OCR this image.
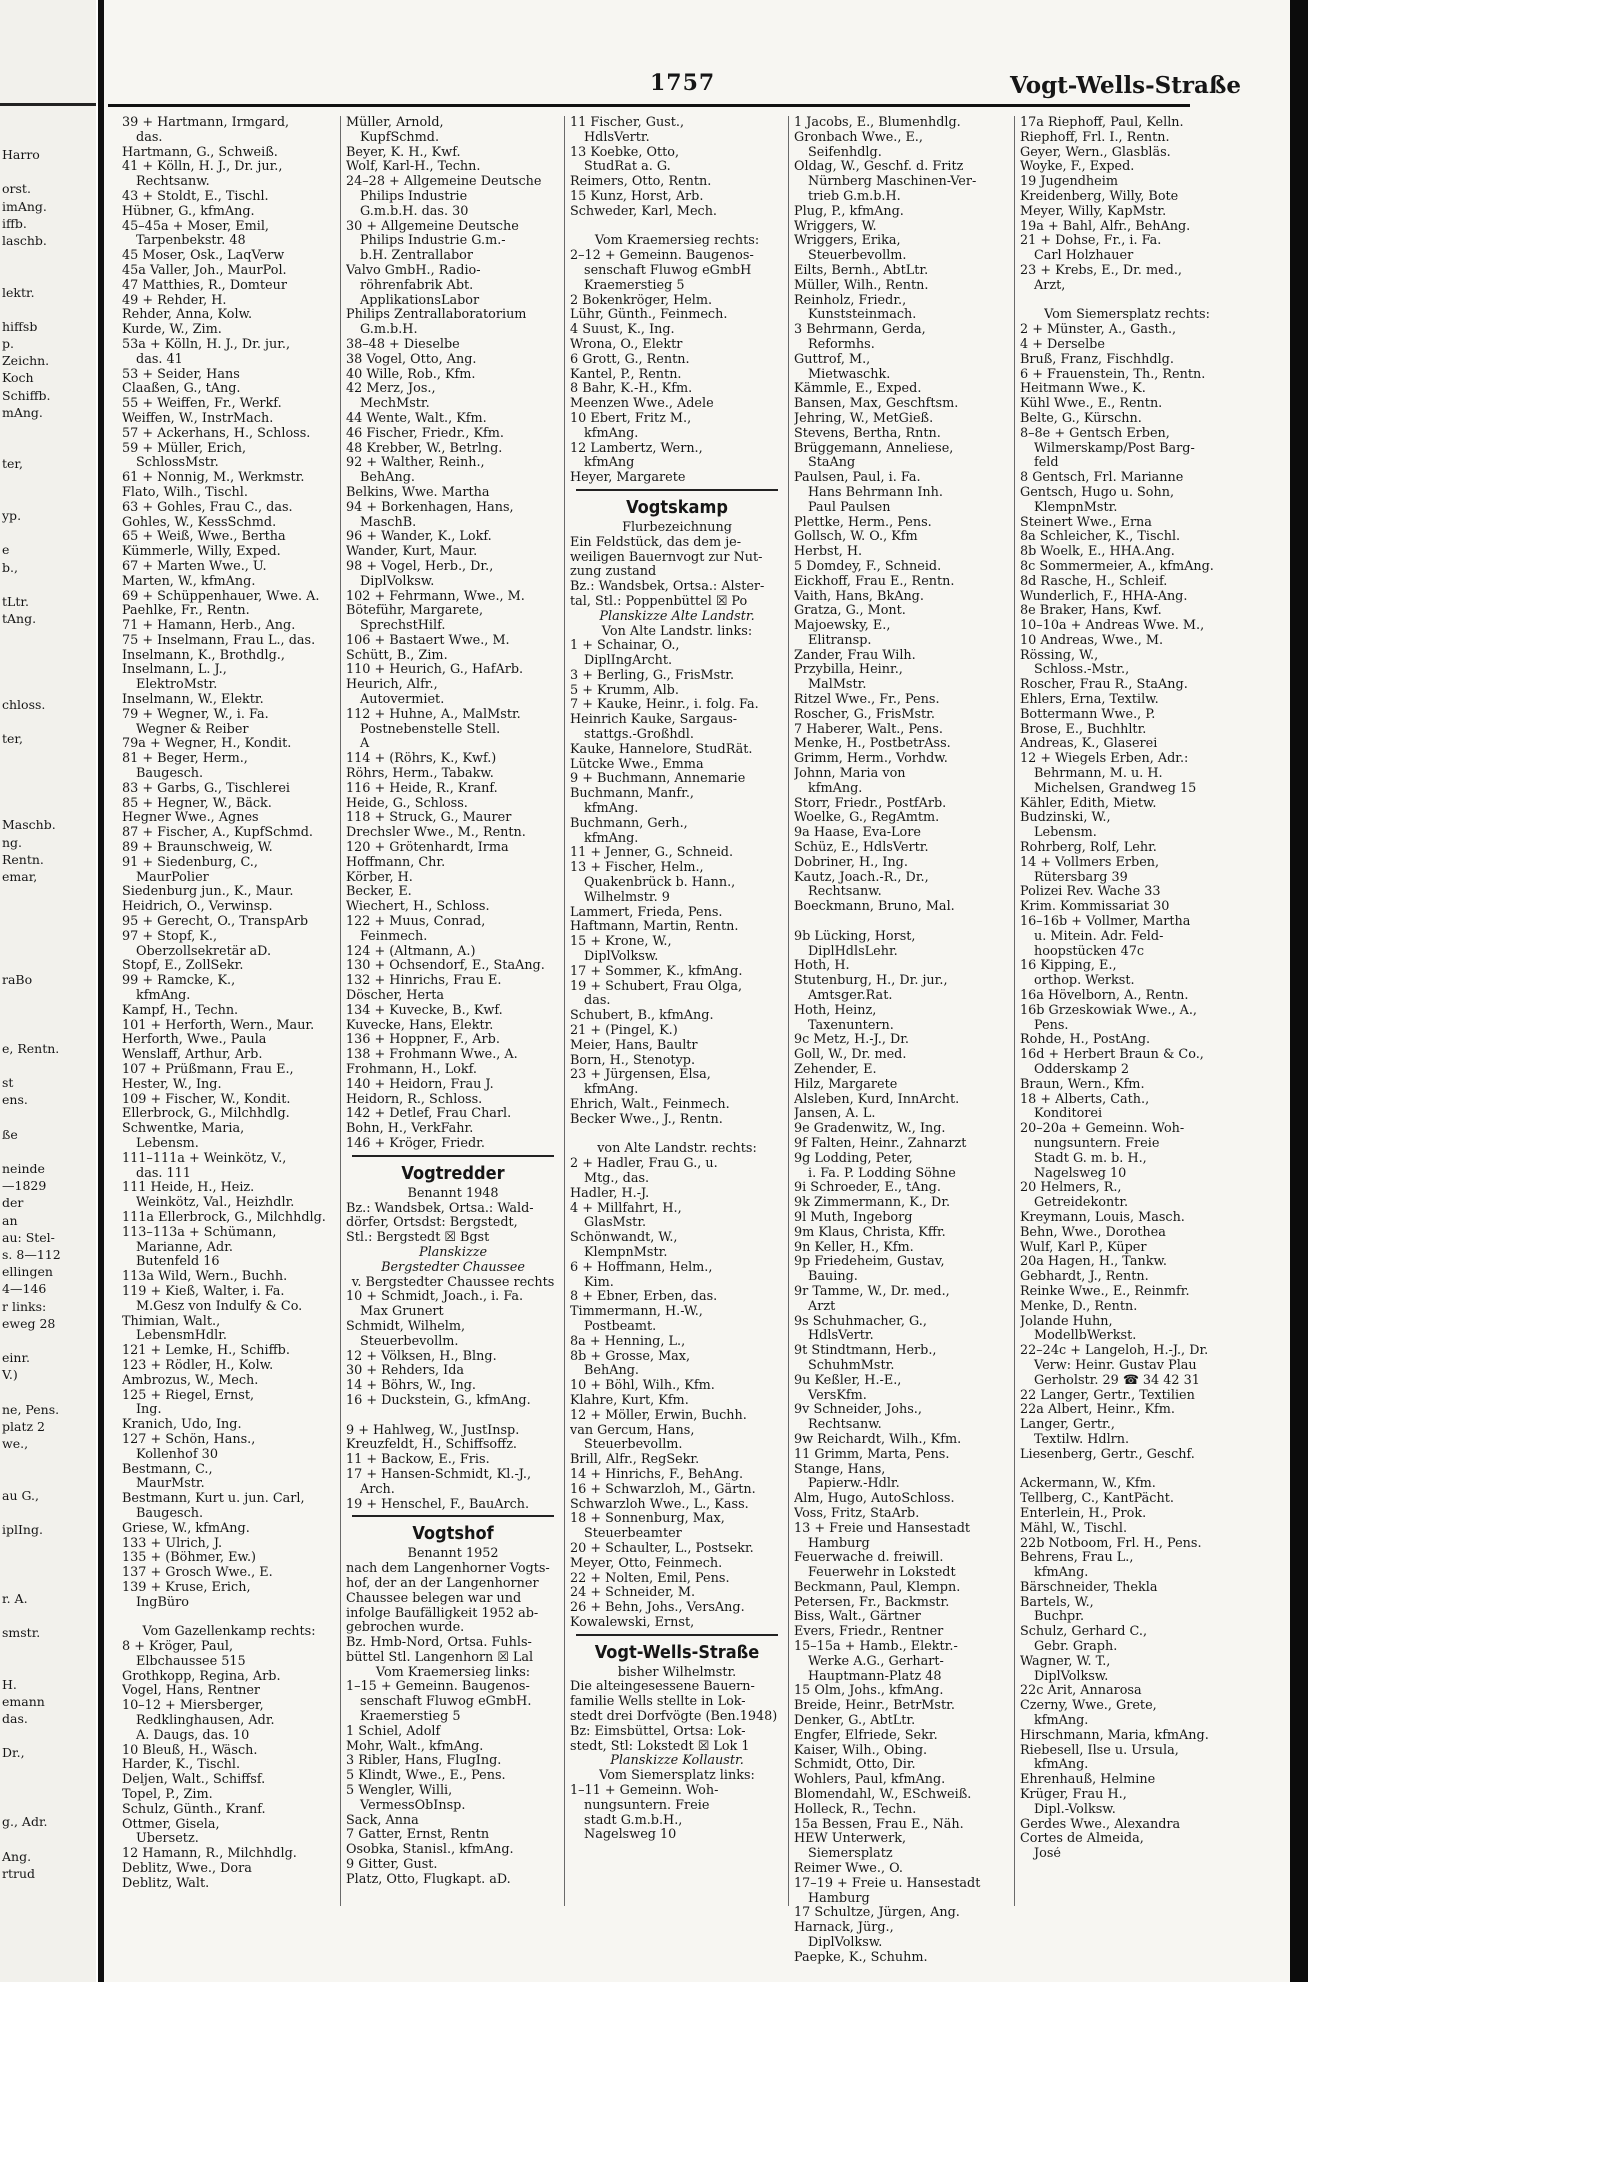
Harro
orst.
imAng.
iffb.
laschb.
lektr.
hiffsb
p.
Zeichn.
Koch
Schiffb.
mAng.
ter,
yp.
e
b.,
tLtr.
tAng.
chloss.
ter,
Maschb.
ng.
Rentn.
emar,
raBo
e, Rentn.
st
ens.
ße
neinde
—1829
der
an
au: Stel-
s. 8—112
ellingen
4—146
r links:
eweg 28
einr.
V.)
ne, Pens.
platz 2
we.,
au G.,
iplIng.
r. A.
smstr.
H.
emann
das.
Dr.,
g., Adr.
Ang.
rtrud
1757	Vogt-Wells-Straße
39 + Hartmann, Irmgard,
das.
Hartmann, G., Schweiß.
41 + Kölln, H. J., Dr. jur.,
Rechtsanw.
43 + Stoldt, E., Tischl.
Hübner, G., kfmAng.
45–45a + Moser, Emil,
Tarpenbekstr. 48
45 Moser, Osk., LaqVerw
45a Valler, Joh., MaurPol.
47 Matthies, R., Domteur
49 + Rehder, H.
Rehder, Anna, Kolw.
Kurde, W., Zim.
53a + Kölln, H. J., Dr. jur.,
das. 41
53 + Seider, Hans
Claaßen, G., tAng.
55 + Weiffen, Fr., Werkf.
Weiffen, W., InstrMach.
57 + Ackerhans, H., Schloss.
59 + Müller, Erich,
SchlossMstr.
61 + Nonnig, M., Werkmstr.
Flato, Wilh., Tischl.
63 + Gohles, Frau C., das.
Gohles, W., KessSchmd.
65 + Weiß, Wwe., Bertha
Kümmerle, Willy, Exped.
67 + Marten Wwe., U.
Marten, W., kfmAng.
69 + Schüppenhauer, Wwe. A.
Paehlke, Fr., Rentn.
71 + Hamann, Herb., Ang.
75 + Inselmann, Frau L., das.
Inselmann, K., Brothdlg.,
Inselmann, L. J.,
ElektroMstr.
Inselmann, W., Elektr.
79 + Wegner, W., i. Fa.
Wegner & Reiber
79a + Wegner, H., Kondit.
81 + Beger, Herm.,
Baugesch.
83 + Garbs, G., Tischlerei
85 + Hegner, W., Bäck.
Hegner Wwe., Agnes
87 + Fischer, A., KupfSchmd.
89 + Braunschweig, W.
91 + Siedenburg, C.,
MaurPolier
Siedenburg jun., K., Maur.
Heidrich, O., Verwinsp.
95 + Gerecht, O., TranspArb
97 + Stopf, K.,
Oberzollsekretär aD.
Stopf, E., ZollSekr.
99 + Ramcke, K.,
kfmAng.
Kampf, H., Techn.
101 + Herforth, Wern., Maur.
Herforth, Wwe., Paula
Wenslaff, Arthur, Arb.
107 + Prüßmann, Frau E.,
Hester, W., Ing.
109 + Fischer, W., Kondit.
Ellerbrock, G., Milchhdlg.
Schwentke, Maria,
Lebensm.
111–111a + Weinkötz, V.,
das. 111
111 Heide, H., Heiz.
Weinkötz, Val., Heizhdlr.
111a Ellerbrock, G., Milchhdlg.
113–113a + Schümann,
Marianne, Adr.
Butenfeld 16
113a Wild, Wern., Buchh.
119 + Kieß, Walter, i. Fa.
M.Gesz von Indulfy & Co.
Thimian, Walt.,
LebensmHdlr.
121 + Lemke, H., Schiffb.
123 + Rödler, H., Kolw.
Ambrozus, W., Mech.
125 + Riegel, Ernst,
Ing.
Kranich, Udo, Ing.
127 + Schön, Hans.,
Kollenhof 30
Bestmann, C.,
MaurMstr.
Bestmann, Kurt u. jun. Carl,
Baugesch.
Griese, W., kfmAng.
133 + Ulrich, J.
135 + (Böhmer, Ew.)
137 + Grosch Wwe., E.
139 + Kruse, Erich,
IngBüro

Vom Gazellenkamp rechts:
8 + Kröger, Paul,
Elbchaussee 515
Grothkopp, Regina, Arb.
Vogel, Hans, Rentner
10–12 + Miersberger,
Redklinghausen, Adr.
A. Daugs, das. 10
10 Bleuß, H., Wäsch.
Harder, K., Tischl.
Deljen, Walt., Schiffsf.
Topel, P., Zim.
Schulz, Günth., Kranf.
Ottmer, Gisela,
Übersetz.
12 Hamann, R., Milchhdlg.
Deblitz, Wwe., Dora
Deblitz, Walt.
Müller, Arnold,
KupfSchmd.
Beyer, K. H., Kwf.
Wolf, Karl-H., Techn.
24–28 + Allgemeine Deutsche
Philips Industrie
G.m.b.H. das. 30
30 + Allgemeine Deutsche
Philips Industrie G.m.-
b.H. Zentrallabor
Valvo GmbH., Radio-
röhrenfabrik Abt.
ApplikationsLabor
Philips Zentrallaboratorium
G.m.b.H.
38–48 + Dieselbe
38 Vogel, Otto, Ang.
40 Wille, Rob., Kfm.
42 Merz, Jos.,
MechMstr.
44 Wente, Walt., Kfm.
46 Fischer, Friedr., Kfm.
48 Krebber, W., Betrlng.
92 + Walther, Reinh.,
BehAng.
Belkins, Wwe. Martha
94 + Borkenhagen, Hans,
MaschB.
96 + Wander, K., Lokf.
Wander, Kurt, Maur.
98 + Vogel, Herb., Dr.,
DiplVolksw.
102 + Fehrmann, Wwe., M.
Böteführ, Margarete,
SprechstHilf.
106 + Bastaert Wwe., M.
Schütt, B., Zim.
110 + Heurich, G., HafArb.
Heurich, Alfr.,
Autovermiet.
112 + Huhne, A., MalMstr.
Postnebenstelle Stell.
A
114 + (Röhrs, K., Kwf.)
Röhrs, Herm., Tabakw.
116 + Heide, R., Kranf.
Heide, G., Schloss.
118 + Struck, G., Maurer
Drechsler Wwe., M., Rentn.
120 + Grötenhardt, Irma
Hoffmann, Chr.
Körber, H.
Becker, E.
Wiechert, H., Schloss.
122 + Muus, Conrad,
Feinmech.
124 + (Altmann, A.)
130 + Ochsendorf, E., StaAng.
132 + Hinrichs, Frau E.
Döscher, Herta
134 + Kuvecke, B., Kwf.
Kuvecke, Hans, Elektr.
136 + Hoppner, F., Arb.
138 + Frohmann Wwe., A.
Frohmann, H., Lokf.
140 + Heidorn, Frau J.
Heidorn, R., Schloss.
142 + Detlef, Frau Charl.
Bohn, H., VerkFahr.
146 + Kröger, Friedr.
Vogtredder
Benannt 1948
Bz.: Wandsbek, Ortsa.: Wald-
dörfer, Ortsdst: Bergstedt,
Stl.: Bergstedt ☒ Bgst
Planskizze
Bergstedter Chaussee
v. Bergstedter Chaussee rechts
10 + Schmidt, Joach., i. Fa.
Max Grunert
Schmidt, Wilhelm,
Steuerbevollm.
12 + Völksen, H., Blng.
30 + Rehders, Ida
14 + Böhrs, W., Ing.
16 + Duckstein, G., kfmAng.

9 + Hahlweg, W., JustInsp.
Kreuzfeldt, H., Schiffsoffz.
11 + Backow, E., Fris.
17 + Hansen-Schmidt, Kl.-J.,
Arch.
19 + Henschel, F., BauArch.
Vogtshof
Benannt 1952
nach dem Langenhorner Vogts-
hof, der an der Langenhorner
Chaussee belegen war und
infolge Baufälligkeit 1952 ab-
gebrochen wurde.
Bz. Hmb-Nord, Ortsa. Fuhls-
büttel Stl. Langenhorn ☒ Lal
Vom Kraemersieg links:
1–15 + Gemeinn. Baugenos-
senschaft Fluwog eGmbH.
Kraemerstieg 5
1 Schiel, Adolf
Mohr, Walt., kfmAng.
3 Ribler, Hans, FlugIng.
5 Klindt, Wwe., E., Pens.
5 Wengler, Willi,
VermessObInsp.
Sack, Anna
7 Gatter, Ernst, Rentn
Osobka, Stanisl., kfmAng.
9 Gitter, Gust.
Platz, Otto, Flugkapt. aD.
11 Fischer, Gust.,
HdlsVertr.
13 Koebke, Otto,
StudRat a. G.
Reimers, Otto, Rentn.
15 Kunz, Horst, Arb.
Schweder, Karl, Mech.

Vom Kraemersieg rechts:
2–12 + Gemeinn. Baugenos-
senschaft Fluwog eGmbH
Kraemerstieg 5
2 Bokenkröger, Helm.
Lühr, Günth., Feinmech.
4 Suust, K., Ing.
Wrona, O., Elektr
6 Grott, G., Rentn.
Kantel, P., Rentn.
8 Bahr, K.-H., Kfm.
Meenzen Wwe., Adele
10 Ebert, Fritz M.,
kfmAng.
12 Lambertz, Wern.,
kfmAng
Heyer, Margarete
Vogtskamp
Flurbezeichnung
Ein Feldstück, das dem je-
weiligen Bauernvogt zur Nut-
zung zustand
Bz.: Wandsbek, Ortsa.: Alster-
tal, Stl.: Poppenbüttel ☒ Po
Planskizze Alte Landstr.
Von Alte Landstr. links:
1 + Schainar, O.,
DiplIngArcht.
3 + Berling, G., FrisMstr.
5 + Krumm, Alb.
7 + Kauke, Heinr., i. folg. Fa.
Heinrich Kauke, Sargaus-
stattgs.-Großhdl.
Kauke, Hannelore, StudRät.
Lütcke Wwe., Emma
9 + Buchmann, Annemarie
Buchmann, Manfr.,
kfmAng.
Buchmann, Gerh.,
kfmAng.
11 + Jenner, G., Schneid.
13 + Fischer, Helm.,
Quakenbrück b. Hann.,
Wilhelmstr. 9
Lammert, Frieda, Pens.
Haftmann, Martin, Rentn.
15 + Krone, W.,
DiplVolksw.
17 + Sommer, K., kfmAng.
19 + Schubert, Frau Olga,
das.
Schubert, B., kfmAng.
21 + (Pingel, K.)
Meier, Hans, Baultr
Born, H., Stenotyp.
23 + Jürgensen, Elsa,
kfmAng.
Ehrich, Walt., Feinmech.
Becker Wwe., J., Rentn.

von Alte Landstr. rechts:
2 + Hadler, Frau G., u.
Mtg., das.
Hadler, H.-J.
4 + Millfahrt, H.,
GlasMstr.
Schönwandt, W.,
KlempnMstr.
6 + Hoffmann, Helm.,
Kim.
8 + Ebner, Erben, das.
Timmermann, H.-W.,
Postbeamt.
8a + Henning, L.,
8b + Grosse, Max,
BehAng.
10 + Böhl, Wilh., Kfm.
Klahre, Kurt, Kfm.
12 + Möller, Erwin, Buchh.
van Gercum, Hans,
Steuerbevollm.
Brill, Alfr., RegSekr.
14 + Hinrichs, F., BehAng.
16 + Schwarzloh, M., Gärtn.
Schwarzloh Wwe., L., Kass.
18 + Sonnenburg, Max,
Steuerbeamter
20 + Schaulter, L., Postsekr.
Meyer, Otto, Feinmech.
22 + Nolten, Emil, Pens.
24 + Schneider, M.
26 + Behn, Johs., VersAng.
Kowalewski, Ernst,
Vogt-Wells-Straße
bisher Wilhelmstr.
Die alteingesessene Bauern-
familie Wells stellte in Lok-
stedt drei Dorfvögte (Ben.1948)
Bz: Eimsbüttel, Ortsa: Lok-
stedt, Stl: Lokstedt ☒ Lok 1
Planskizze Kollaustr.
Vom Siemersplatz links:
1–11 + Gemeinn. Woh-
nungsuntern. Freie
stadt G.m.b.H.,
Nagelsweg 10
1 Jacobs, E., Blumenhdlg.
Gronbach Wwe., E.,
Seifenhdlg.
Oldag, W., Geschf. d. Fritz
Nürnberg Maschinen-Ver-
trieb G.m.b.H.
Plug, P., kfmAng.
Wriggers, W.
Wriggers, Erika,
Steuerbevollm.
Eilts, Bernh., AbtLtr.
Müller, Wilh., Rentn.
Reinholz, Friedr.,
Kunststeinmach.
3 Behrmann, Gerda,
Reformhs.
Guttrof, M.,
Mietwaschk.
Kämmle, E., Exped.
Bansen, Max, Geschftsm.
Jehring, W., MetGieß.
Stevens, Bertha, Rntn.
Brüggemann, Anneliese,
StaAng
Paulsen, Paul, i. Fa.
Hans Behrmann Inh.
Paul Paulsen
Plettke, Herm., Pens.
Gollsch, W. O., Kfm
Herbst, H.
5 Domdey, F., Schneid.
Eickhoff, Frau E., Rentn.
Vaith, Hans, BkAng.
Gratza, G., Mont.
Majoewsky, E.,
Elitransp.
Zander, Frau Wilh.
Przybilla, Heinr.,
MalMstr.
Ritzel Wwe., Fr., Pens.
Roscher, G., FrisMstr.
7 Haberer, Walt., Pens.
Menke, H., PostbetrAss.
Grimm, Herm., Vorhdw.
Johnn, Maria von
kfmAng.
Storr, Friedr., PostfArb.
Woelke, G., RegAmtm.
9a Haase, Eva-Lore
Schüz, E., HdlsVertr.
Dobriner, H., Ing.
Kautz, Joach.-R., Dr.,
Rechtsanw.
Boeckmann, Bruno, Mal.

9b Lücking, Horst,
DiplHdlsLehr.
Hoth, H.
Stutenburg, H., Dr. jur.,
Amtsger.Rat.
Hoth, Heinz,
Taxenuntern.
9c Metz, H.-J., Dr.
Goll, W., Dr. med.
Zehender, E.
Hilz, Margarete
Alsleben, Kurd, InnArcht.
Jansen, A. L.
9e Gradenwitz, W., Ing.
9f Falten, Heinr., Zahnarzt
9g Lodding, Peter,
i. Fa. P. Lodding Söhne
9i Schroeder, E., tAng.
9k Zimmermann, K., Dr.
9l Muth, Ingeborg
9m Klaus, Christa, Kffr.
9n Keller, H., Kfm.
9p Friedeheim, Gustav,
Bauing.
9r Tamme, W., Dr. med.,
Arzt
9s Schuhmacher, G.,
HdlsVertr.
9t Stindtmann, Herb.,
SchuhmMstr.
9u Keßler, H.-E.,
VersKfm.
9v Schneider, Johs.,
Rechtsanw.
9w Reichardt, Wilh., Kfm.
11 Grimm, Marta, Pens.
Stange, Hans,
Papierw.-Hdlr.
Alm, Hugo, AutoSchloss.
Voss, Fritz, StaArb.
13 + Freie und Hansestadt
Hamburg
Feuerwache d. freiwill.
Feuerwehr in Lokstedt
Beckmann, Paul, Klempn.
Petersen, Fr., Backmstr.
Biss, Walt., Gärtner
Evers, Friedr., Rentner
15–15a + Hamb., Elektr.-
Werke A.G., Gerhart-
Hauptmann-Platz 48
15 Olm, Johs., kfmAng.
Breide, Heinr., BetrMstr.
Denker, G., AbtLtr.
Engfer, Elfriede, Sekr.
Kaiser, Wilh., Obing.
Schmidt, Otto, Dir.
Wohlers, Paul, kfmAng.
Blomendahl, W., ESchweiß.
Holleck, R., Techn.
15a Bessen, Frau E., Näh.
HEW Unterwerk,
Siemersplatz
Reimer Wwe., O.
17–19 + Freie u. Hansestadt
Hamburg
17 Schultze, Jürgen, Ang.
Harnack, Jürg.,
DiplVolksw.
Paepke, K., Schuhm.
17a Riephoff, Paul, Kelln.
Riephoff, Frl. I., Rentn.
Geyer, Wern., Glasbläs.
Woyke, F., Exped.
19 Jugendheim
Kreidenberg, Willy, Bote
Meyer, Willy, KapMstr.
19a + Bahl, Alfr., BehAng.
21 + Dohse, Fr., i. Fa.
Carl Holzhauer
23 + Krebs, E., Dr. med.,
Arzt,

Vom Siemersplatz rechts:
2 + Münster, A., Gasth.,
4 + Derselbe
Bruß, Franz, Fischhdlg.
6 + Frauenstein, Th., Rentn.
Heitmann Wwe., K.
Kühl Wwe., E., Rentn.
Belte, G., Kürschn.
8–8e + Gentsch Erben,
Wilmerskamp/Post Barg-
feld
8 Gentsch, Frl. Marianne
Gentsch, Hugo u. Sohn,
KlempnMstr.
Steinert Wwe., Erna
8a Schleicher, K., Tischl.
8b Woelk, E., HHA.Ang.
8c Sommermeier, A., kfmAng.
8d Rasche, H., Schleif.
Wunderlich, F., HHA-Ang.
8e Braker, Hans, Kwf.
10–10a + Andreas Wwe. M.,
10 Andreas, Wwe., M.
Rössing, W.,
Schloss.-Mstr.,
Roscher, Frau R., StaAng.
Ehlers, Erna, Textilw.
Bottermann Wwe., P.
Brose, E., Buchhltr.
Andreas, K., Glaserei
12 + Wiegels Erben, Adr.:
Behrmann, M. u. H.
Michelsen, Grandweg 15
Kähler, Edith, Mietw.
Budzinski, W.,
Lebensm.
Rohrberg, Rolf, Lehr.
14 + Vollmers Erben,
Rütersbarg 39
Polizei Rev. Wache 33
Krim. Kommissariat 30
16–16b + Vollmer, Martha
u. Mitein. Adr. Feld-
hoopstücken 47c
16 Kipping, E.,
orthop. Werkst.
16a Hövelborn, A., Rentn.
16b Grzeskowiak Wwe., A.,
Pens.
Rohde, H., PostAng.
16d + Herbert Braun & Co.,
Odderskamp 2
Braun, Wern., Kfm.
18 + Alberts, Cath.,
Konditorei
20–20a + Gemeinn. Woh-
nungsuntern. Freie
Stadt G. m. b. H.,
Nagelsweg 10
20 Helmers, R.,
Getreidekontr.
Kreymann, Louis, Masch.
Behn, Wwe., Dorothea
Wulf, Karl P., Küper
20a Hagen, H., Tankw.
Gebhardt, J., Rentn.
Reinke Wwe., E., Reinmfr.
Menke, D., Rentn.
Jolande Huhn,
ModellbWerkst.
22–24c + Langeloh, H.-J., Dr.
Verw: Heinr. Gustav Plau
Gerholstr. 29 ☎ 34 42 31
22 Langer, Gertr., Textilien
22a Albert, Heinr., Kfm.
Langer, Gertr.,
Textilw. Hdlrn.
Liesenberg, Gertr., Geschf.

Ackermann, W., Kfm.
Tellberg, C., KantPächt.
Enterlein, H., Prok.
Mähl, W., Tischl.
22b Notboom, Frl. H., Pens.
Behrens, Frau L.,
kfmAng.
Bärschneider, Thekla
Bartels, W.,
Buchpr.
Schulz, Gerhard C.,
Gebr. Graph.
Wagner, W. T.,
DiplVolksw.
22c Arit, Annarosa
Czerny, Wwe., Grete,
kfmAng.
Hirschmann, Maria, kfmAng.
Riebesell, Ilse u. Ursula,
kfmAng.
Ehrenhauß, Helmine
Krüger, Frau H.,
Dipl.-Volksw.
Gerdes Wwe., Alexandra
Cortes de Almeida,
José
